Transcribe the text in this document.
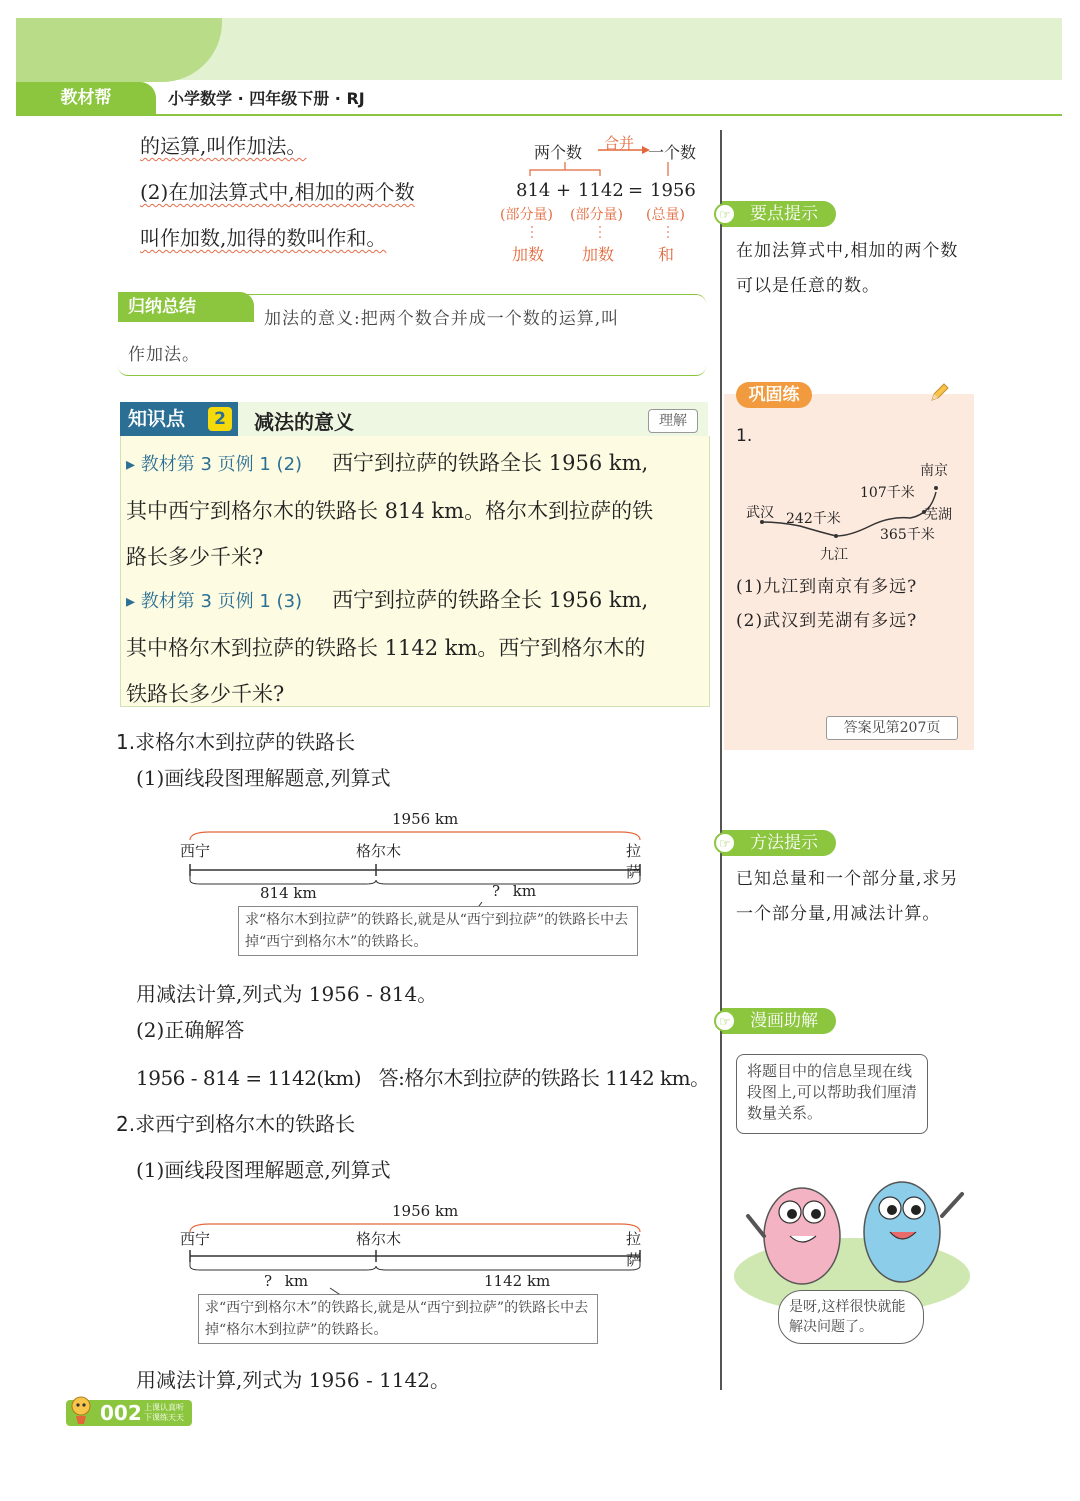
教材帮	小学数学 · 四年级下册 · RJ
的运算,叫作加法。
(2)在加法算式中,相加的两个数
叫作加数,加得的数叫作和。
两个数 合并 一个数
814 + 1142 = 1956
(部分量) (部分量) (总量)
加数 加数	和
归纳总结
加法的意义:把两个数合并成一个数的运算,叫
作加法。
知识点	2	减法的意义	理解
▸ 教材第 3 页例 1 (2) 西宁到拉萨的铁路全长 1956 km,
其中西宁到格尔木的铁路长 814 km。格尔木到拉萨的铁
路长多少千米?
▸ 教材第 3 页例 1 (3) 西宁到拉萨的铁路全长 1956 km,
其中格尔木到拉萨的铁路长 1142 km。西宁到格尔木的
铁路长多少千米?
1.求格尔木到拉萨的铁路长
(1)画线段图理解题意,列算式
1956 km
西宁	格尔木	拉萨
814 km	? km
求“格尔木到拉萨”的铁路长,就是从“西宁到拉萨”的铁路长中去掉“西宁到格尔木”的铁路长。
用减法计算,列式为 1956 - 814。
(2)正确解答
1956 - 814 = 1142(km)   答:格尔木到拉萨的铁路长 1142 km。
2.求西宁到格尔木的铁路长
(1)画线段图理解题意,列算式
1956 km
西宁	格尔木	拉萨
? km	1142 km
求“西宁到格尔木”的铁路长,就是从“西宁到拉萨”的铁路长中去掉“格尔木到拉萨”的铁路长。
用减法计算,列式为 1956 - 1142。
要点提示
☞
在加法算式中,相加的两个数可以是任意的数。
巩固练
1.
南京
107千米
武汉 242千米	芜湖
365千米
九江
(1)九江到南京有多远?
(2)武汉到芜湖有多远?
答案见第207页
方法提示
☞
已知总量和一个部分量,求另一个部分量,用减法计算。
漫画助解
☞
将题目中的信息呈现在线段图上,可以帮助我们厘清数量关系。
是呀,这样很快就能解决问题了。
002 上课认真听 下课练天天
